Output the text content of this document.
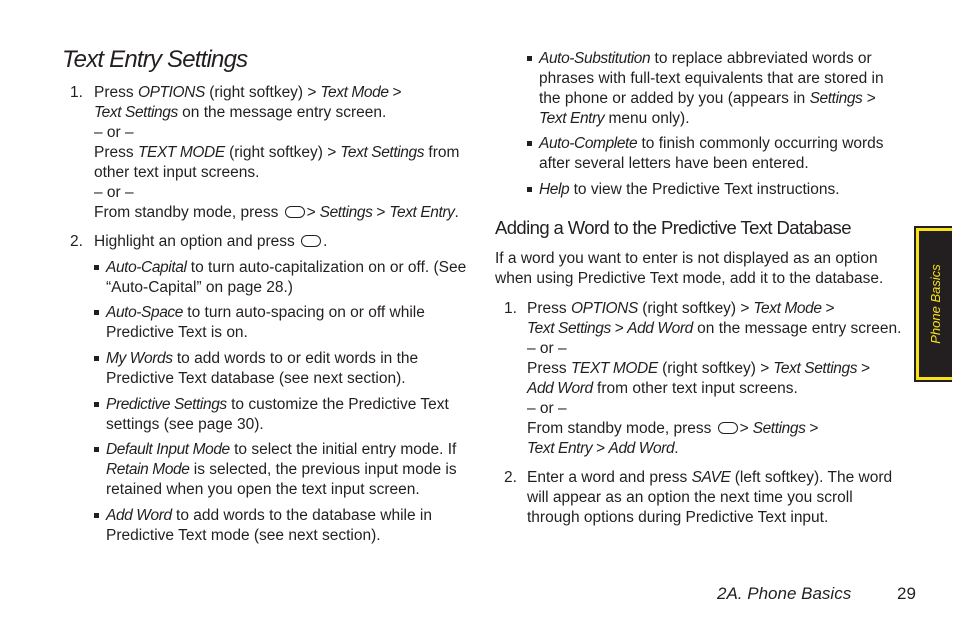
Text Entry Settings
1. Press OPTIONS (right softkey) > Text Mode >
Text Settings on the message entry screen.
– or –
Press TEXT MODE (right softkey) > Text Settings from
other text input screens.
– or –
From standby mode, press > Settings > Text Entry.
2. Highlight an option and press .
Auto-Capital to turn auto-capitalization on or off. (See “Auto-Capital” on page 28.)
Auto-Space to turn auto-spacing on or off while Predictive Text is on.
My Words to add words to or edit words in the Predictive Text database (see next section).
Predictive Settings to customize the Predictive Text settings (see page 30).
Default Input Mode to select the initial entry mode. If Retain Mode is selected, the previous input mode is retained when you open the text input screen.
Add Word to add words to the database while in Predictive Text mode (see next section).
Auto-Substitution to replace abbreviated words or phrases with full-text equivalents that are stored in the phone or added by you (appears in Settings > Text Entry menu only).
Auto-Complete to finish commonly occurring words after several letters have been entered.
Help to view the Predictive Text instructions.
Adding a Word to the Predictive Text Database
If a word you want to enter is not displayed as an option when using Predictive Text mode, add it to the database.
1. Press OPTIONS (right softkey) > Text Mode >
Text Settings > Add Word on the message entry screen.
– or –
Press TEXT MODE (right softkey) > Text Settings >
Add Word from other text input screens.
– or –
From standby mode, press > Settings >
Text Entry > Add Word.
2. Enter a word and press SAVE (left softkey). The word will appear as an option the next time you scroll through options during Predictive Text input.
Phone Basics
2A. Phone Basics	29
